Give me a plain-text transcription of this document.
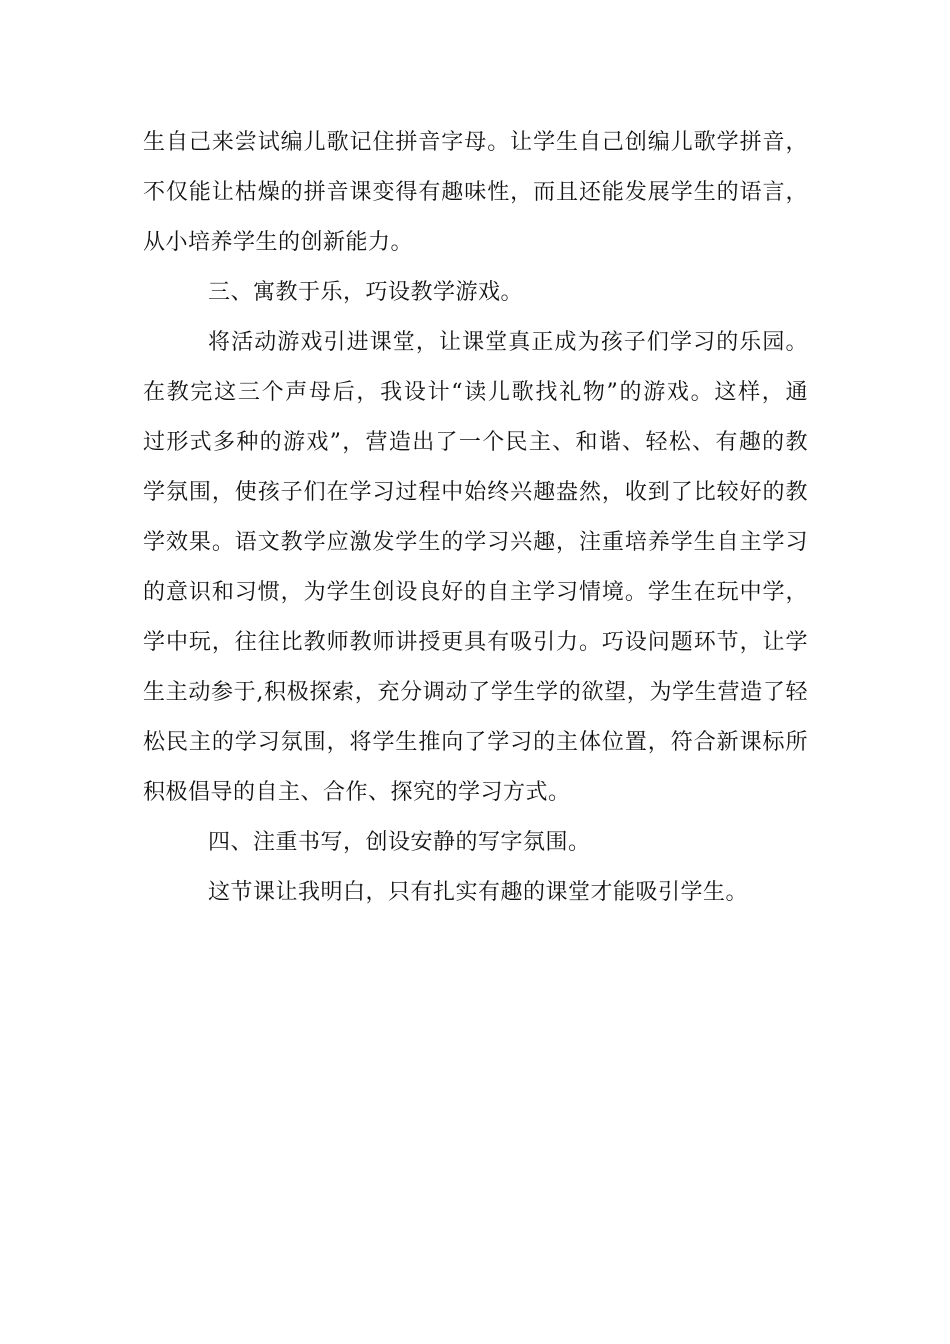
生自己来尝试编儿歌记住拼音字母。让学生自己创编儿歌学拼音，
不仅能让枯燥的拼音课变得有趣味性，而且还能发展学生的语言，
从小培养学生的创新能力。
三、寓教于乐，巧设教学游戏。
将活动游戏引进课堂，让课堂真正成为孩子们学习的乐园。
在教完这三个声母后，我设计“读儿歌找礼物”的游戏。这样，通
过形式多种的游戏”，营造出了一个民主、和谐、轻松、有趣的教
学氛围，使孩子们在学习过程中始终兴趣盎然，收到了比较好的教
学效果。语文教学应激发学生的学习兴趣，注重培养学生自主学习
的意识和习惯，为学生创设良好的自主学习情境。学生在玩中学，
学中玩，往往比教师教师讲授更具有吸引力。巧设问题环节，让学
生主动参于,积极探索，充分调动了学生学的欲望，为学生营造了轻
松民主的学习氛围，将学生推向了学习的主体位置，符合新课标所
积极倡导的自主、合作、探究的学习方式。
四、注重书写，创设安静的写字氛围。
这节课让我明白，只有扎实有趣的课堂才能吸引学生。
